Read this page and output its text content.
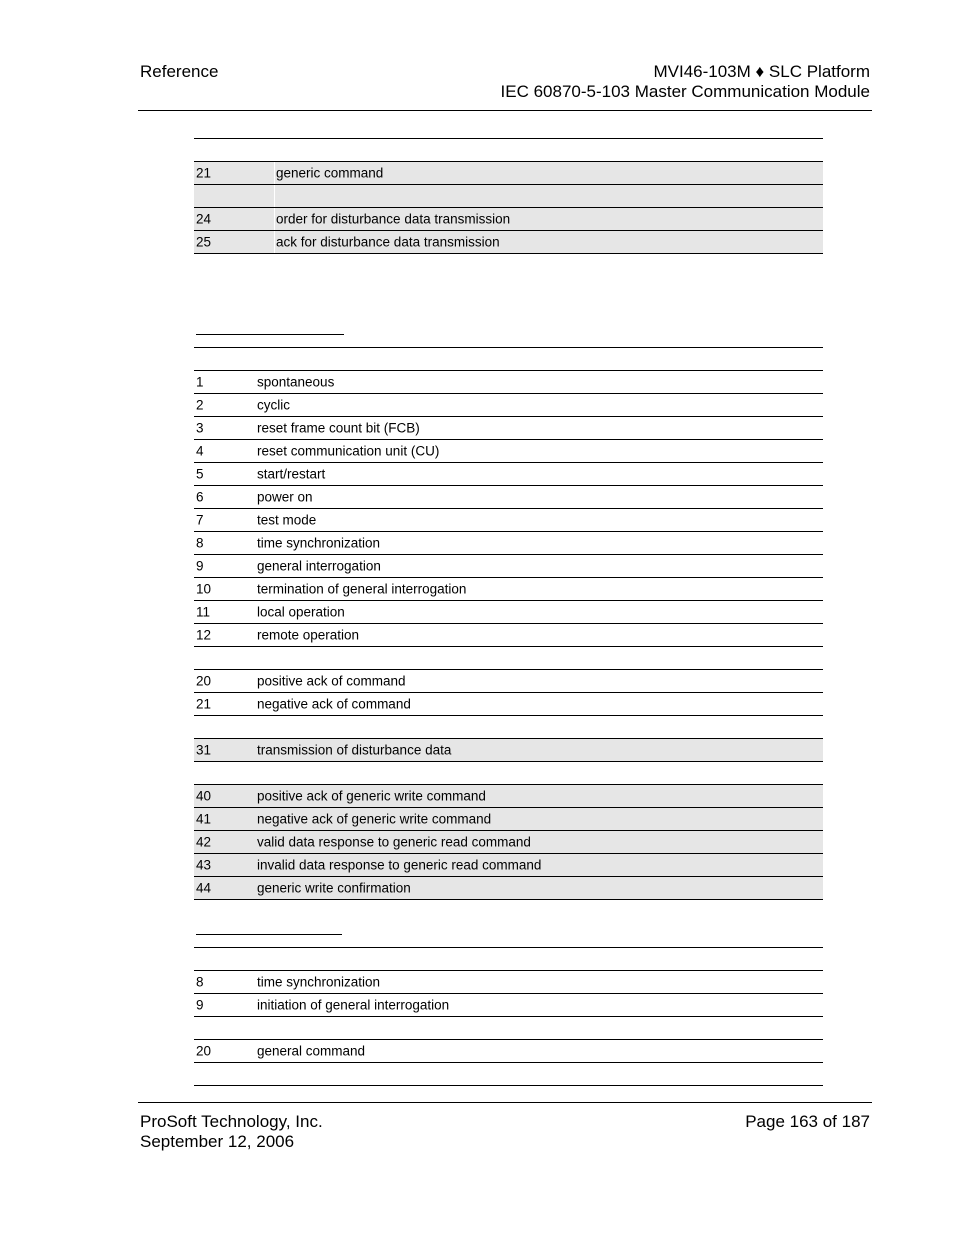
Reference	MVI46-103M ♦ SLC Platform
IEC 60870-5-103 Master Communication Module
21	generic command
24	order for disturbance data transmission
25	ack for disturbance data transmission
1	spontaneous
2	cyclic
3	reset frame count bit (FCB)
4	reset communication unit (CU)
5	start/restart
6	power on
7	test mode
8	time synchronization
9	general interrogation
10	termination of general interrogation
11	local operation
12	remote operation
20	positive ack of command
21	negative ack of command
31	transmission of disturbance data
40	positive ack of generic write command
41	negative ack of generic write command
42	valid data response to generic read command
43	invalid data response to generic read command
44	generic write confirmation
8	time synchronization
9	initiation of general interrogation
20	general command
ProSoft Technology, Inc.
September 12, 2006
Page 163 of 187
